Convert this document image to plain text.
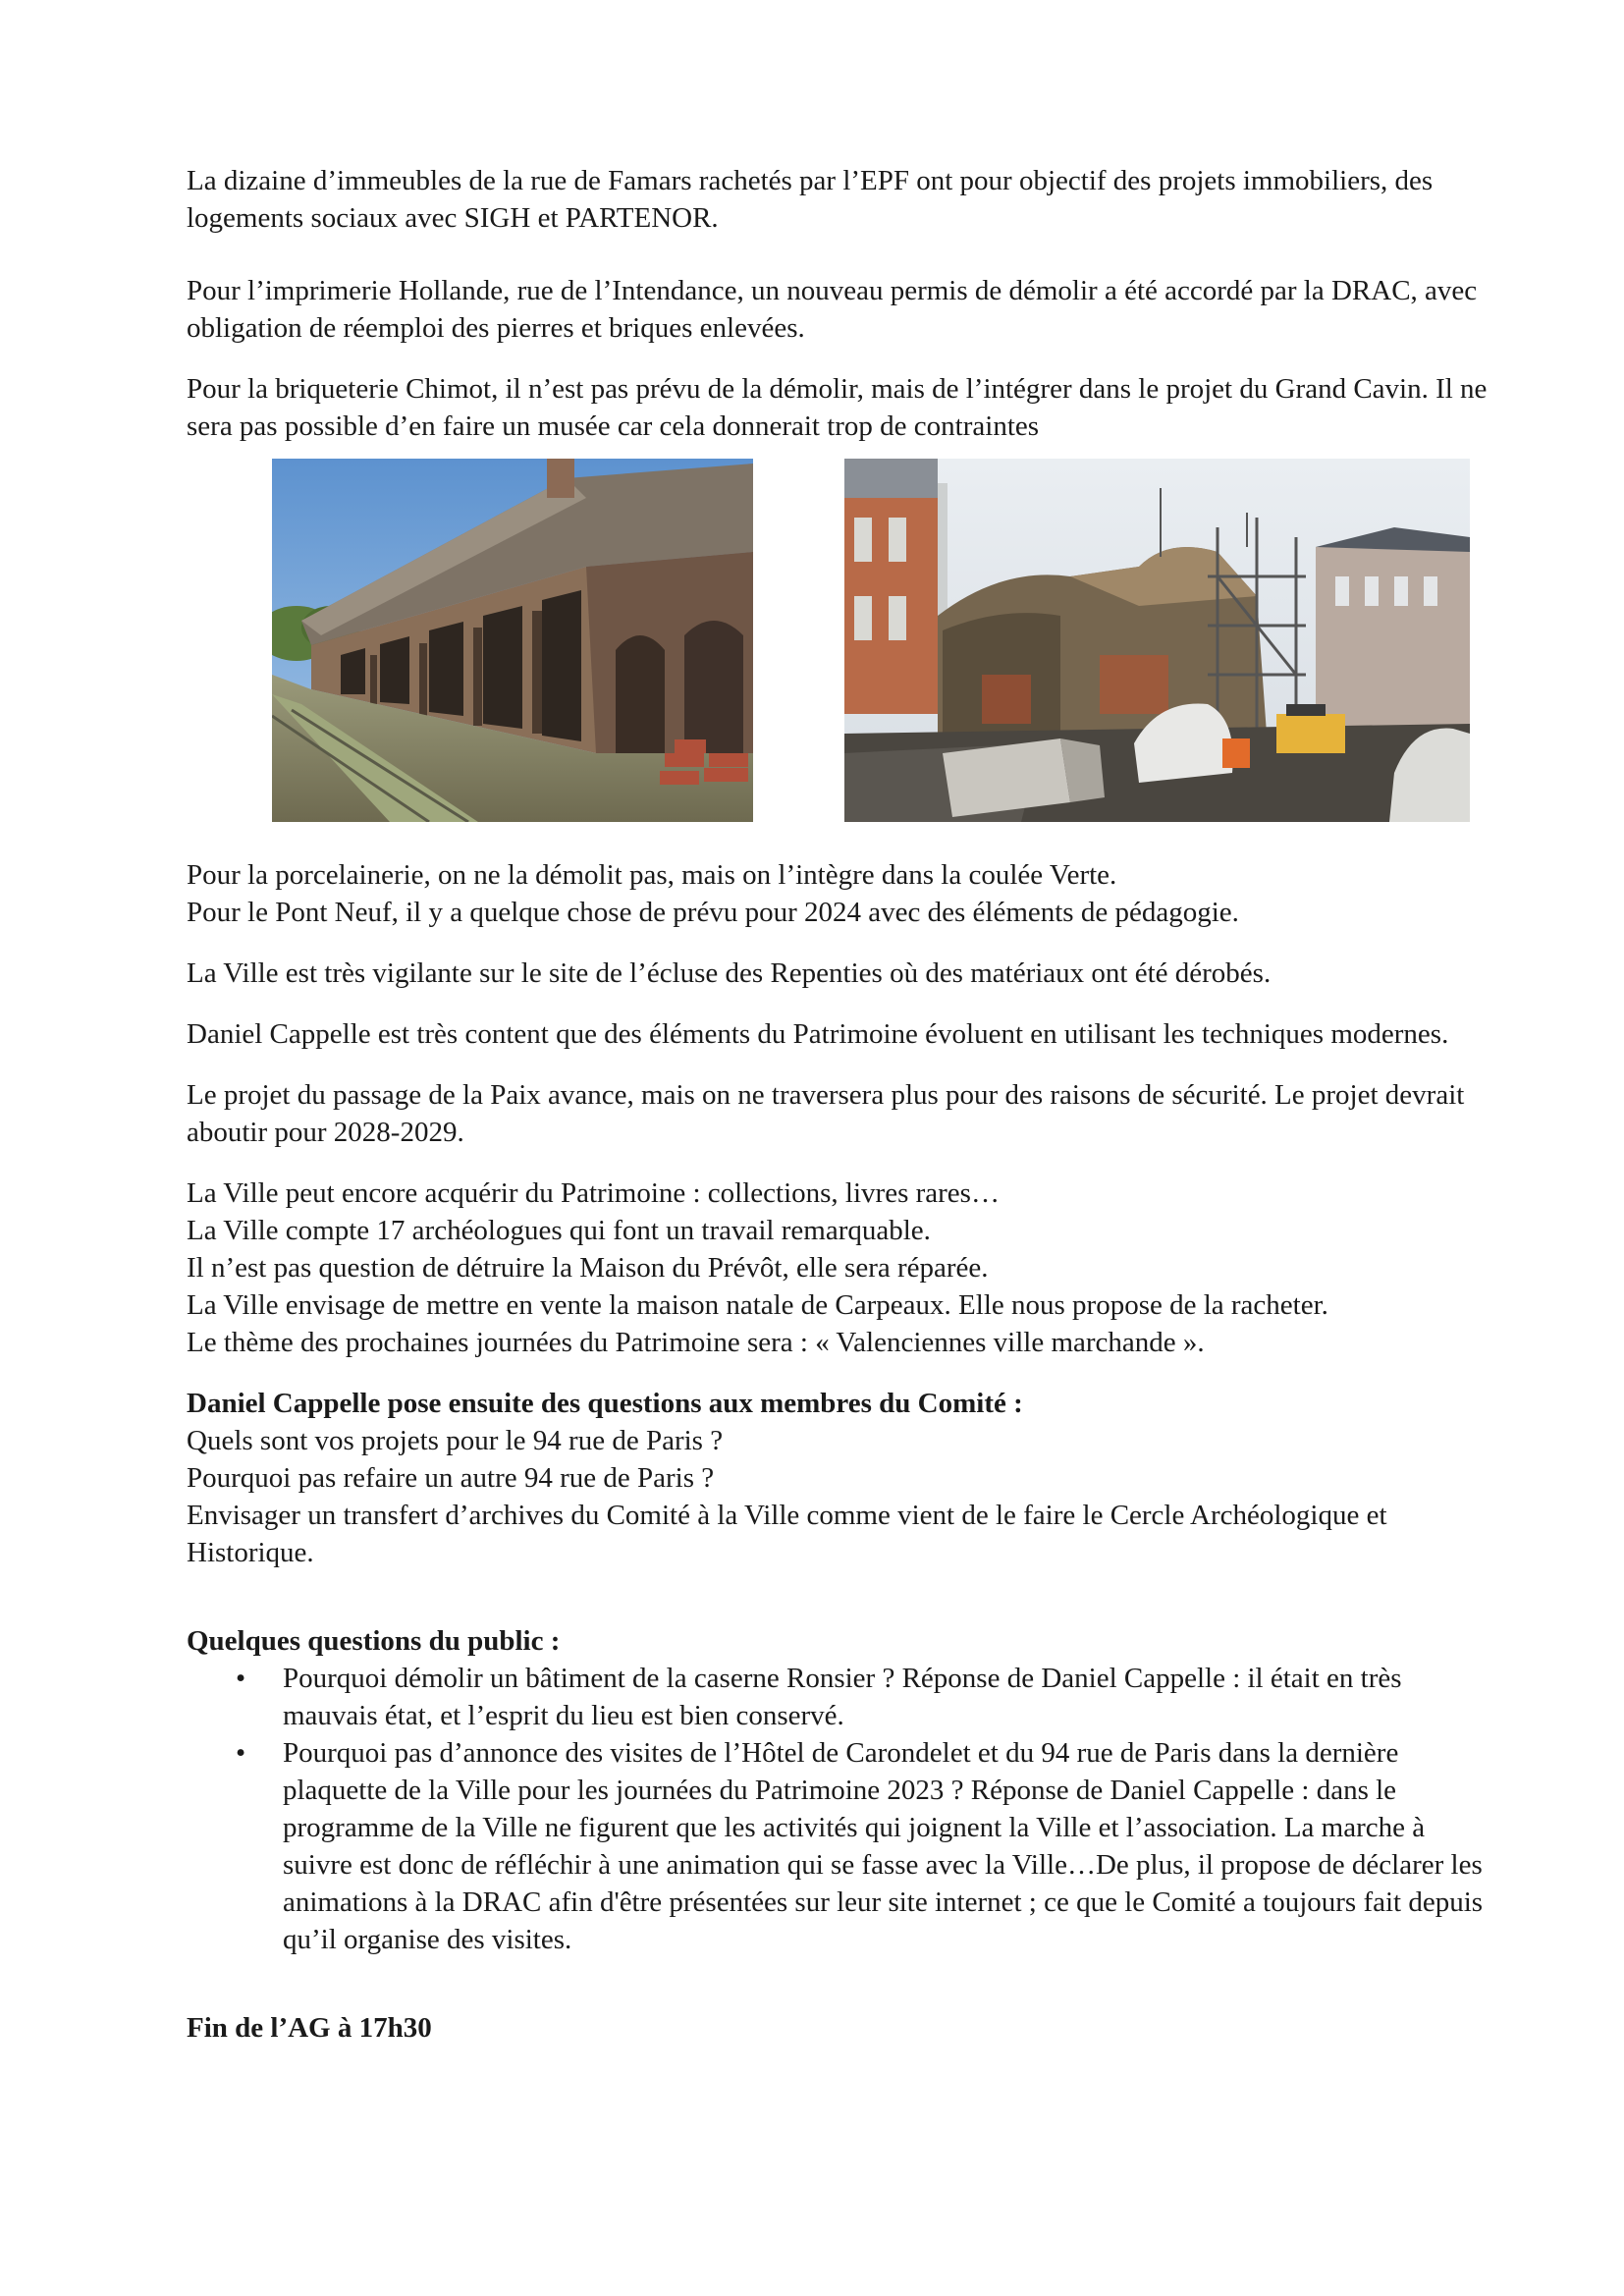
La dizaine d’immeubles de la rue de Famars rachetés par l’EPF ont pour objectif des projets immobiliers, des logements sociaux avec SIGH et PARTENOR.

Pour l’imprimerie Hollande, rue de l’Intendance, un nouveau permis de démolir a été accordé par la DRAC, avec obligation de réemploi des pierres et briques enlevées.

Pour la briqueterie Chimot, il n’est pas prévu de la démolir, mais de l’intégrer dans le projet du Grand Cavin. Il ne sera pas possible d’en faire un musée car cela donnerait trop de contraintes

Pour la porcelainerie, on ne la démolit pas, mais on l’intègre dans la coulée Verte.

Pour le Pont Neuf, il y a quelque chose de prévu pour 2024 avec des éléments de pédagogie.

La Ville est très vigilante sur le site de l’écluse des Repenties où des matériaux ont été dérobés.

Daniel Cappelle est très content que des éléments du Patrimoine évoluent en utilisant les techniques modernes.

Le projet du passage de la Paix avance, mais on ne traversera plus pour des raisons de sécurité. Le projet devrait aboutir pour 2028-2029.

La Ville peut encore acquérir du Patrimoine : collections, livres rares…

La Ville compte 17 archéologues qui font un travail remarquable.

Il n’est pas question de détruire la Maison du Prévôt, elle sera réparée.

La Ville envisage de mettre en vente la maison natale de Carpeaux. Elle nous propose de la racheter.

Le thème des prochaines journées du Patrimoine sera : « Valenciennes ville marchande ».

Daniel Cappelle pose ensuite des questions aux membres du Comité :

Quels sont vos projets pour le 94 rue de Paris ?

Pourquoi pas refaire un autre 94 rue de Paris ?

Envisager un transfert d’archives du Comité à la Ville comme vient de le faire le Cercle Archéologique et Historique.

Quelques questions du public :

• Pourquoi démolir un bâtiment de la caserne Ronsier ? Réponse de Daniel Cappelle : il était en très mauvais état, et l’esprit du lieu est bien conservé.
• Pourquoi pas d’annonce des visites de l’Hôtel de Carondelet et du 94 rue de Paris dans la dernière plaquette de la Ville pour les journées du Patrimoine 2023 ? Réponse de Daniel Cappelle : dans le programme de la Ville ne figurent que les activités qui joignent la Ville et l’association. La marche à suivre est donc de réfléchir à une animation qui se fasse avec la Ville…De plus, il propose de déclarer les animations à la DRAC afin d'être présentées sur leur site internet ; ce que le Comité a toujours fait depuis qu’il organise des visites.

Fin de l’AG à 17h30
